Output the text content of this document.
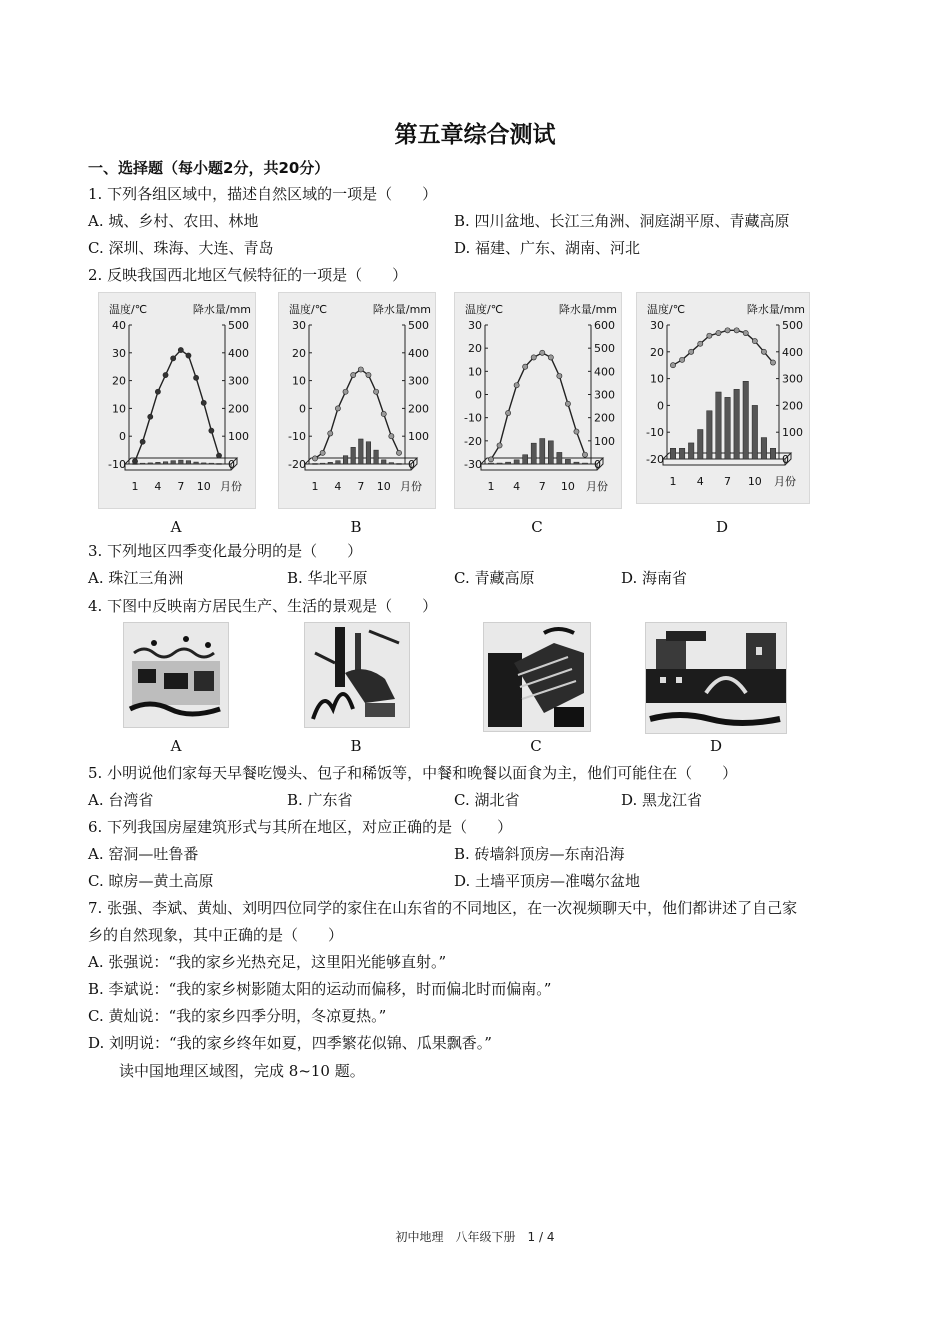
第五章综合测试
一、选择题（每小题2分，共20分）
1. 下列各组区域中，描述自然区域的一项是（　　）
A. 城、乡村、农田、林地	B. 四川盆地、长江三角洲、洞庭湖平原、青藏高原
C. 深圳、珠海、大连、青岛	D. 福建、广东、湖南、河北
2. 反映我国西北地区气候特征的一项是（　　）
温度/℃	降水量/mm
40
30
20
10
0
-10
500
400
300
200
100
0
1 4 7 10 月份
温度/℃	降水量/mm
30
20
10
0
-10
-20
500
400
300
200
100
0
1 4 7 10 月份
温度/℃	降水量/mm
30
20
10
0
-10
-20
-30
600
500
400
300
200
100
0
1 4 7 10 月份
温度/℃	降水量/mm
30
20
10
0
-10
-20
500
400
300
200
100
0
1 4 7 10 月份
A	B	C	D
3. 下列地区四季变化最分明的是（　　）
A. 珠江三角洲	B. 华北平原	C. 青藏高原	D. 海南省
4. 下图中反映南方居民生产、生活的景观是（　　）
A	B	C	D
5. 小明说他们家每天早餐吃馒头、包子和稀饭等，中餐和晚餐以面食为主，他们可能住在（　　）
A. 台湾省	B. 广东省	C. 湖北省	D. 黑龙江省
6. 下列我国房屋建筑形式与其所在地区，对应正确的是（　　）
A. 窑洞—吐鲁番	B. 砖墙斜顶房—东南沿海
C. 晾房—黄土高原	D. 土墙平顶房—准噶尔盆地
7. 张强、李斌、黄灿、刘明四位同学的家住在山东省的不同地区，在一次视频聊天中，他们都讲述了自己家
乡的自然现象，其中正确的是（　　）
A. 张强说：“我的家乡光热充足，这里阳光能够直射。”
B. 李斌说：“我的家乡树影随太阳的运动而偏移，时而偏北时而偏南。”
C. 黄灿说：“我的家乡四季分明，冬凉夏热。”
D. 刘明说：“我的家乡终年如夏，四季繁花似锦、瓜果飘香。”
读中国地理区域图，完成 8~10 题。
初中地理　八年级下册　1 / 4
